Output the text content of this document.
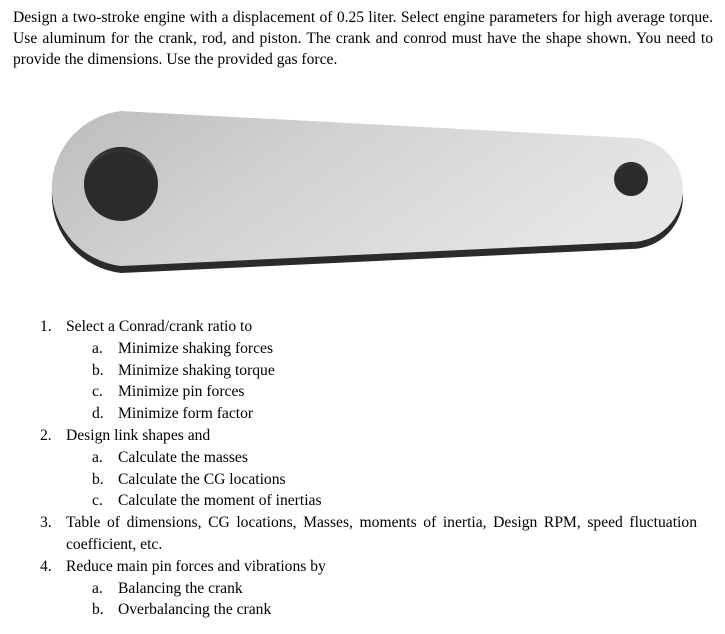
Design a two-stroke engine with a displacement of 0.25 liter. Select engine parameters for high average torque. Use aluminum for the crank, rod, and piston. The crank and conrod must have the shape shown. You need to provide the dimensions. Use the provided gas force.

1. Select a Conrad/crank ratio to
a. Minimize shaking forces
b. Minimize shaking torque
c. Minimize pin forces
d. Minimize form factor
2. Design link shapes and
a. Calculate the masses
b. Calculate the CG locations
c. Calculate the moment of inertias
3. Table of dimensions, CG locations, Masses, moments of inertia, Design RPM, speed fluctuation coefficient, etc.
4. Reduce main pin forces and vibrations by
a. Balancing the crank
b. Overbalancing the crank
